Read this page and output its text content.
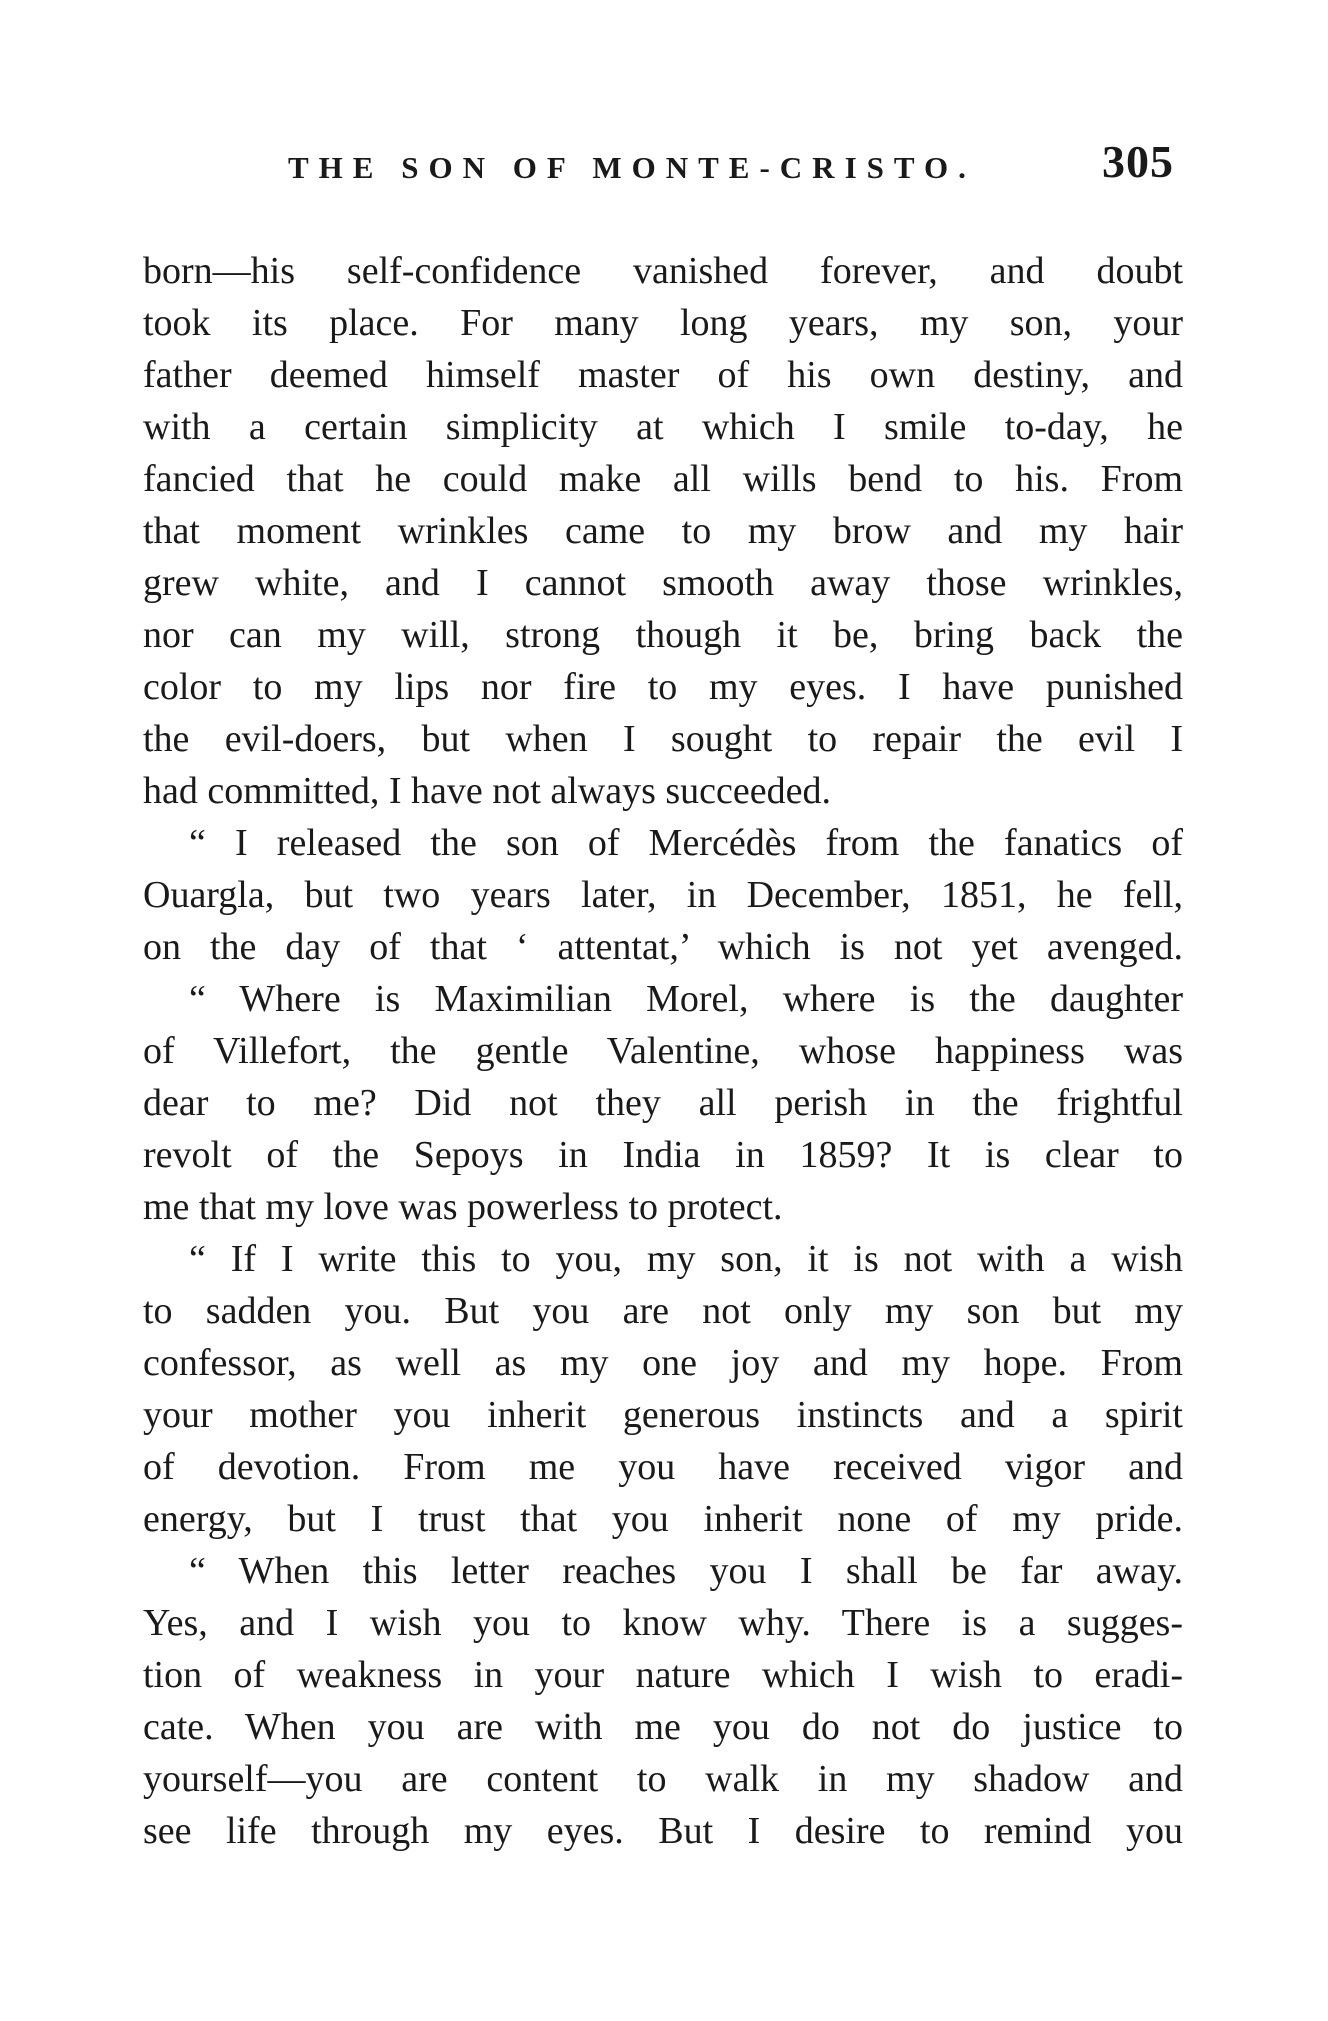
THE SON OF MONTE-CRISTO.	305
born—his self-confidence vanished forever, and doubt
took its place. For many long years, my son, your
father deemed himself master of his own destiny, and
with a certain simplicity at which I smile to-day, he
fancied that he could make all wills bend to his. From
that moment wrinkles came to my brow and my hair
grew white, and I cannot smooth away those wrinkles,
nor can my will, strong though it be, bring back the
color to my lips nor fire to my eyes. I have punished
the evil-doers, but when I sought to repair the evil I
had committed, I have not always succeeded.
“ I released the son of Mercédès from the fanatics of
Ouargla, but two years later, in December, 1851, he fell,
on the day of that ‘ attentat,’ which is not yet avenged.
“ Where is Maximilian Morel, where is the daughter
of Villefort, the gentle Valentine, whose happiness was
dear to me? Did not they all perish in the frightful
revolt of the Sepoys in India in 1859? It is clear to
me that my love was powerless to protect.
“ If I write this to you, my son, it is not with a wish
to sadden you. But you are not only my son but my
confessor, as well as my one joy and my hope. From
your mother you inherit generous instincts and a spirit
of devotion. From me you have received vigor and
energy, but I trust that you inherit none of my pride.
“ When this letter reaches you I shall be far away.
Yes, and I wish you to know why. There is a sugges-
tion of weakness in your nature which I wish to eradi-
cate. When you are with me you do not do justice to
yourself—you are content to walk in my shadow and
see life through my eyes. But I desire to remind you
